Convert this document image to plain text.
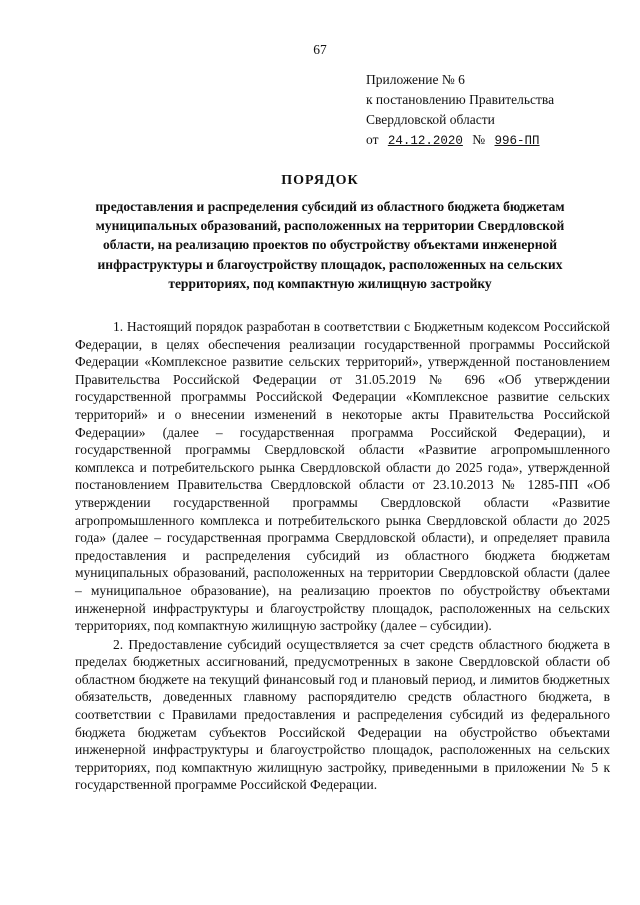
67
Приложение № 6
к постановлению Правительства
Свердловской области
от 24.12.2020 № 996-ПП
ПОРЯДОК
предоставления и распределения субсидий из областного бюджета бюджетам муниципальных образований, расположенных на территории Свердловской области, на реализацию проектов по обустройству объектами инженерной инфраструктуры и благоустройству площадок, расположенных на сельских территориях, под компактную жилищную застройку

1. Настоящий порядок разработан в соответствии с Бюджетным кодексом Российской Федерации, в целях обеспечения реализации государственной программы Российской Федерации «Комплексное развитие сельских территорий», утвержденной постановлением Правительства Российской Федерации от 31.05.2019 № 696 «Об утверждении государственной программы Российской Федерации «Комплексное развитие сельских территорий» и о внесении изменений в некоторые акты Правительства Российской Федерации» (далее – государственная программа Российской Федерации), и государственной программы Свердловской области «Развитие агропромышленного комплекса и потребительского рынка Свердловской области до 2025 года», утвержденной постановлением Правительства Свердловской области от 23.10.2013 № 1285-ПП «Об утверждении государственной программы Свердловской области «Развитие агропромышленного комплекса и потребительского рынка Свердловской области до 2025 года» (далее – государственная программа Свердловской области), и определяет правила предоставления и распределения субсидий из областного бюджета бюджетам муниципальных образований, расположенных на территории Свердловской области (далее – муниципальное образование), на реализацию проектов по обустройству объектами инженерной инфраструктуры и благоустройству площадок, расположенных на сельских территориях, под компактную жилищную застройку (далее – субсидии).

2. Предоставление субсидий осуществляется за счет средств областного бюджета в пределах бюджетных ассигнований, предусмотренных в законе Свердловской области об областном бюджете на текущий финансовый год и плановый период, и лимитов бюджетных обязательств, доведенных главному распорядителю средств областного бюджета, в соответствии с Правилами предоставления и распределения субсидий из федерального бюджета бюджетам субъектов Российской Федерации на обустройство объектами инженерной инфраструктуры и благоустройство площадок, расположенных на сельских территориях, под компактную жилищную застройку, приведенными в приложении № 5 к государственной программе Российской Федерации.
